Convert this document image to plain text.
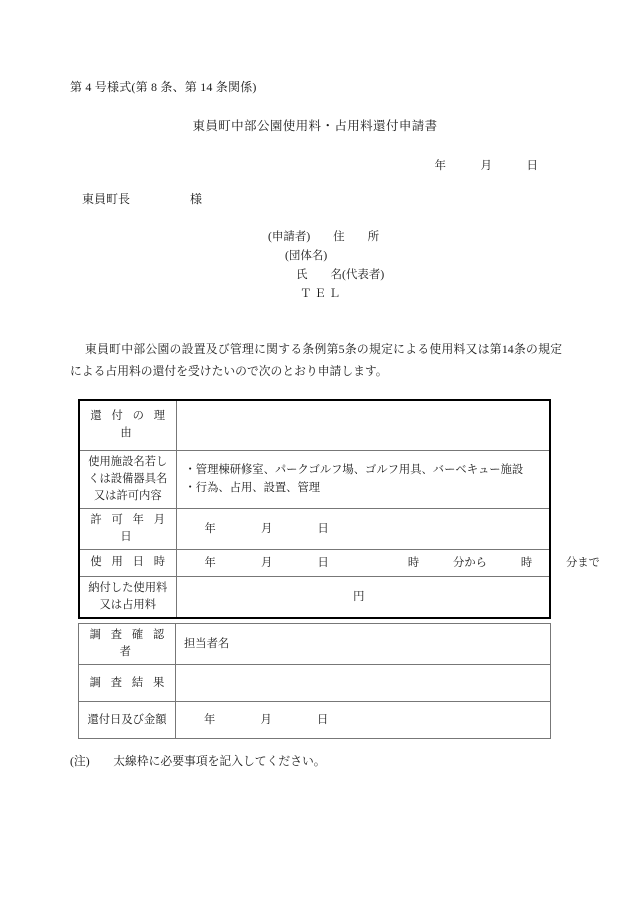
第 4 号様式(第 8 条、第 14 条関係)
東員町中部公園使用料・占用料還付申請書
年　　　月　　　日
東員町長　　　　　様
(申請者)　　住　　所
(団体名)
氏　　名(代表者)
Ｔ Ｅ Ｌ
東員町中部公園の設置及び管理に関する条例第5条の規定による使用料又は第14条の規定による占用料の還付を受けたいので次のとおり申請します。
還 付 の 理 由	
使用施設名若しくは設備器具名又は許可内容	・管理棟研修室、パークゴルフ場、ゴルフ用具、バーベキュー施設
・行為、占用、設置、管理

許 可 年 月 日	年　　　　月　　　　日
使 用 日 時	年　　　　月　　　　日　　　　　　　時　　　分から　　　時　　　分まで
納付した使用料又は占用料	円
調 査 確 認 者	担当者名
調 査 結 果	
還付日及び金額	年　　　　月　　　　日
(注)　　太線枠に必要事項を記入してください。
